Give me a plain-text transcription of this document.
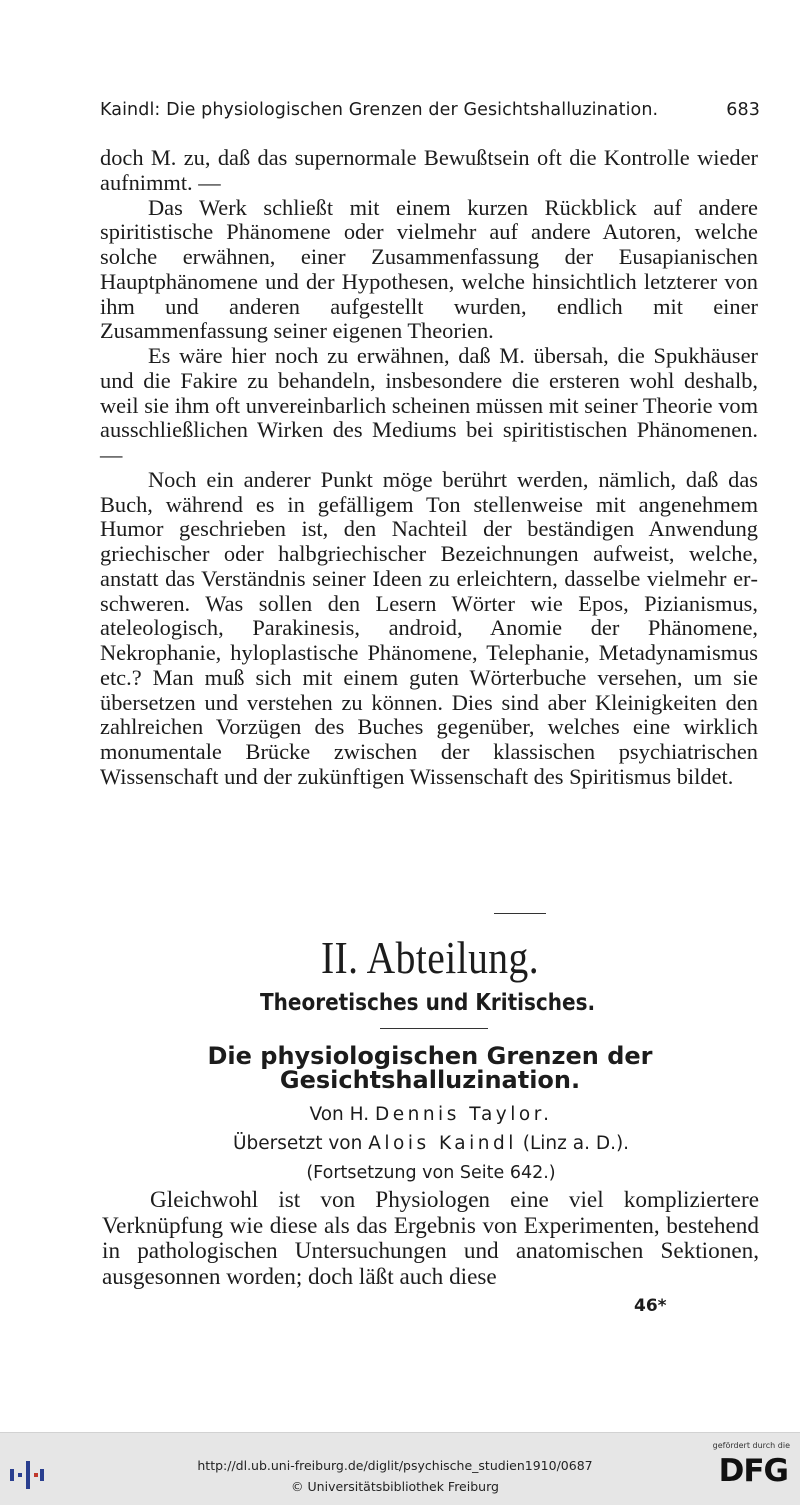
Kaindl: Die physiologischen Grenzen der Gesichtshalluzination.	683

doch M. zu, daß das supernormale Bewußtsein oft die Kontrolle wieder aufnimmt. —

Das Werk schließt mit einem kurzen Rückblick auf andere spiritistische Phänomene oder vielmehr auf andere Autoren, welche solche erwähnen, einer Zusammenfassung der Eusapianischen Hauptphänomene und der Hypothesen, welche hinsichtlich letzterer von ihm und anderen aufgestellt wurden, endlich mit einer Zusammenfassung seiner eigenen Theorien.

Es wäre hier noch zu erwähnen, daß M. übersah, die Spukhäuser und die Fakire zu behandeln, insbesondere die ersteren wohl deshalb, weil sie ihm oft unvereinbarlich scheinen müssen mit seiner Theorie vom ausschließlichen Wirken des Mediums bei spiritistischen Phänomenen. —

Noch ein anderer Punkt möge berührt werden, nämlich, daß das Buch, während es in gefälligem Ton stellenweise mit angenehmem Humor geschrieben ist, den Nachteil der beständigen Anwendung griechischer oder halbgriechischer Bezeichnungen aufweist, welche, anstatt das Verständnis seiner Ideen zu erleichtern, dasselbe vielmehr erschweren. Was sollen den Lesern Wörter wie Epos, Pizianismus, ateleologisch, Parakinesis, android, Anomie der Phänomene, Nekrophanie, hyloplastische Phänomene, Telephanie, Metadynamismus etc.? Man muß sich mit einem guten Wörterbuche versehen, um sie übersetzen und verstehen zu können. Dies sind aber Kleinigkeiten den zahlreichen Vorzügen des Buches gegenüber, welches eine wirklich monumentale Brücke zwischen der klassischen psychiatrischen Wissenschaft und der zukünftigen Wissenschaft des Spiritismus bildet.

II. Abteilung.
Theoretisches und Kritisches.
Die physiologischen Grenzen der
Gesichtshalluzination.
Von H. Dennis Taylor.
Übersetzt von Alois Kaindl (Linz a. D.).
(Fortsetzung von Seite 642.)

Gleichwohl ist von Physiologen eine viel kompliziertere Verknüpfung wie diese als das Ergebnis von Experimenten, bestehend in pathologischen Untersuchungen und anatomischen Sektionen, ausgesonnen worden; doch läßt auch diese

46*
http://dl.ub.uni-freiburg.de/diglit/psychische_studien1910/0687
© Universitätsbibliothek Freiburg
gefördert durch die
DFG
